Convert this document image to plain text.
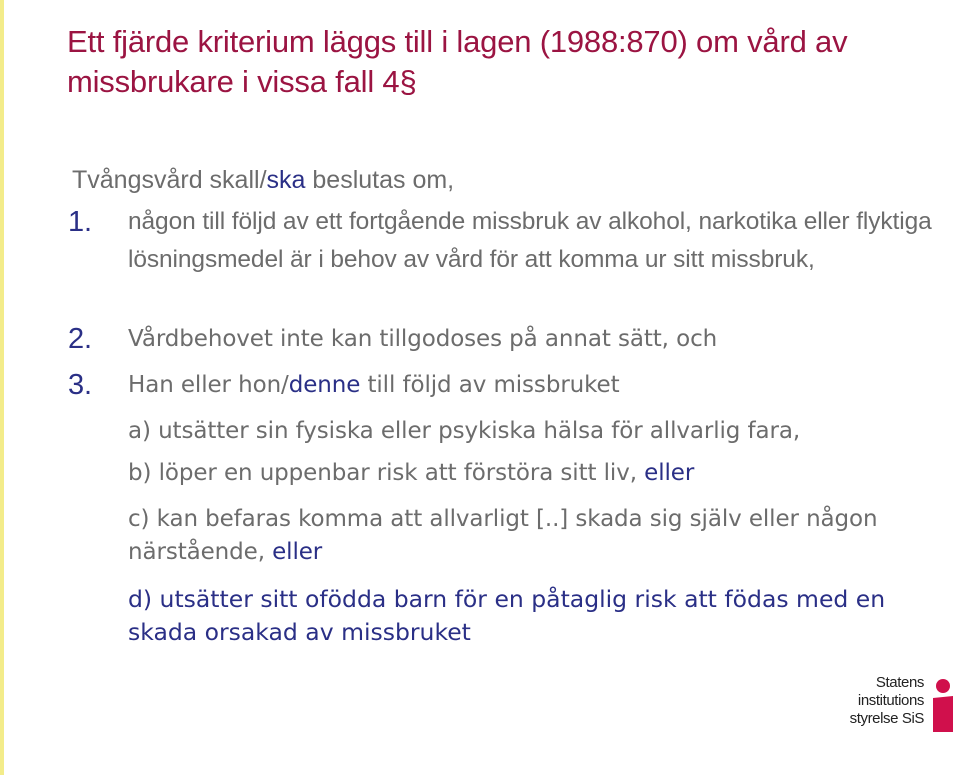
Ett fjärde kriterium läggs till i lagen (1988:870) om vård av missbrukare i vissa fall 4§

Tvångsvård skall/ska beslutas om,

1. någon till följd av ett fortgående missbruk av alkohol, narkotika eller flyktiga lösningsmedel är i behov av vård för att komma ur sitt missbruk,

2. Vårdbehovet inte kan tillgodoses på annat sätt, och

3. Han eller hon/denne till följd av missbruket

a) utsätter sin fysiska eller psykiska hälsa för allvarlig fara,

b) löper en uppenbar risk att förstöra sitt liv, eller

c) kan befaras komma att allvarligt [..] skada sig själv eller någon närstående, eller

d) utsätter sitt ofödda barn för en påtaglig risk att födas med en skada orsakad av missbruket

Statens
institutions
styrelse SiS
